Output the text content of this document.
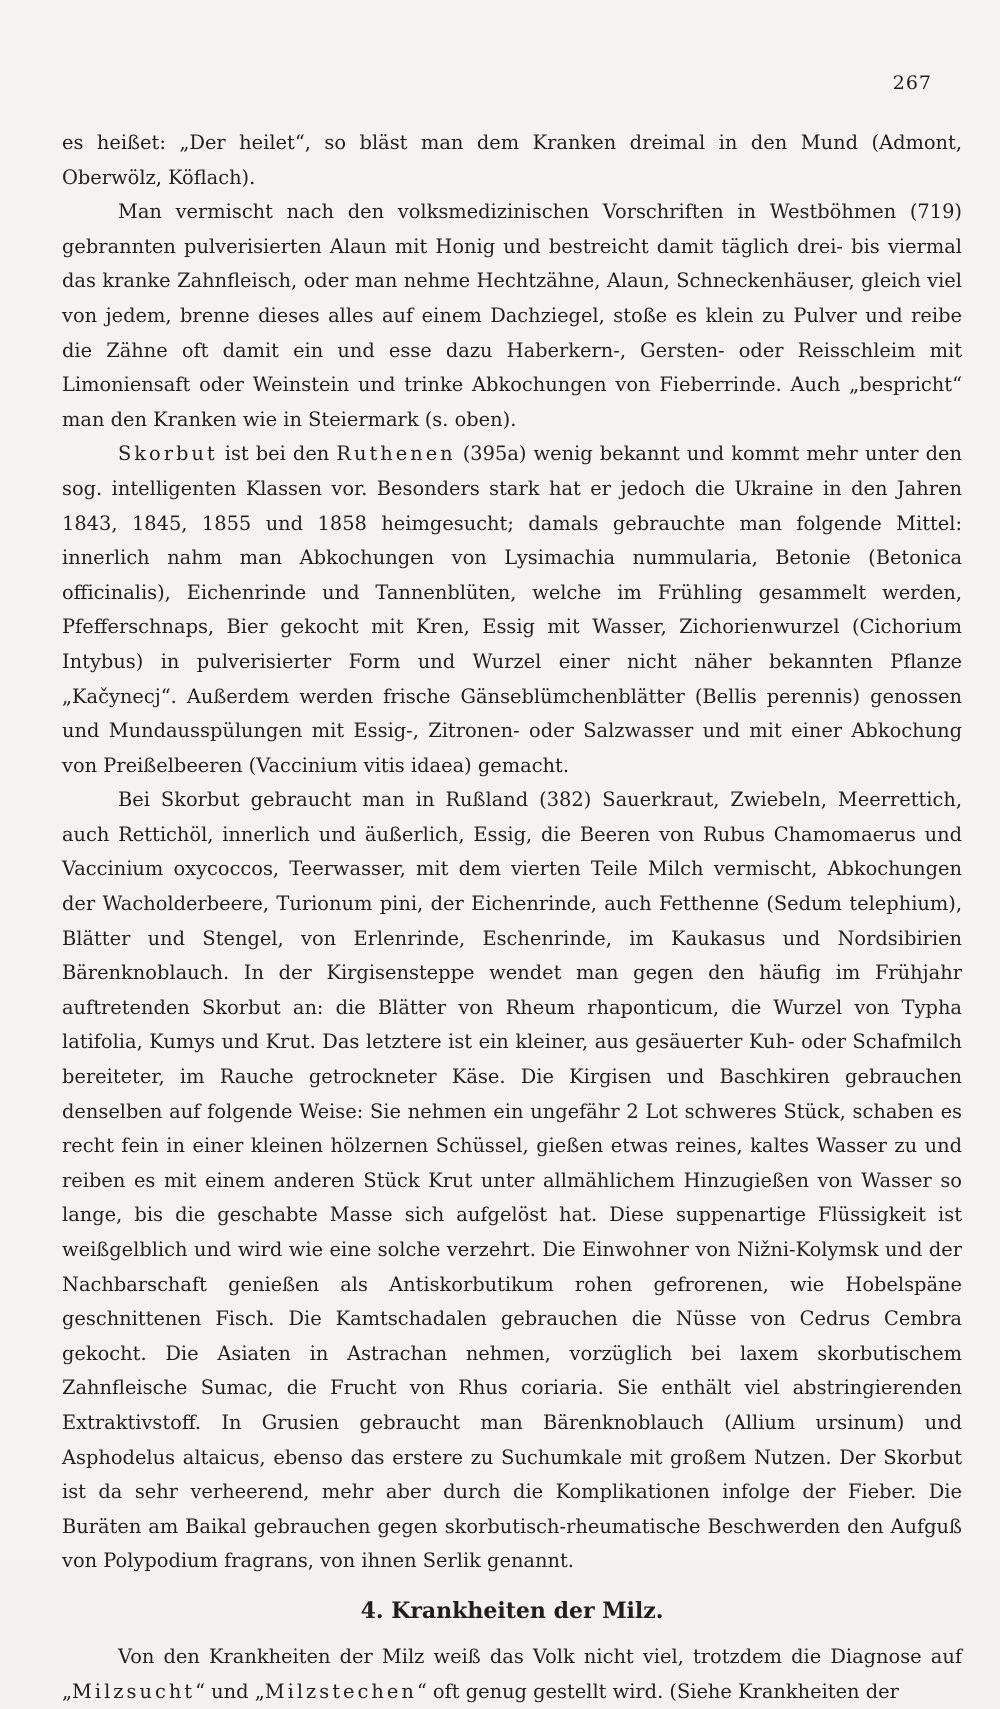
267

es heißet: „Der heilet“, so bläst man dem Kranken dreimal in den Mund (Admont, Oberwölz, Köflach).

Man vermischt nach den volksmedizinischen Vorschriften in Westböhmen (719) gebrannten pulverisierten Alaun mit Honig und bestreicht damit täglich drei- bis viermal das kranke Zahnfleisch, oder man nehme Hechtzähne, Alaun, Schneckenhäuser, gleich viel von jedem, brenne dieses alles auf einem Dachziegel, stoße es klein zu Pulver und reibe die Zähne oft damit ein und esse dazu Haberkern-, Gersten- oder Reisschleim mit Limoniensaft oder Weinstein und trinke Abkochungen von Fieberrinde. Auch „bespricht“ man den Kranken wie in Steiermark (s. oben).

Skorbut ist bei den Ruthenen (395a) wenig bekannt und kommt mehr unter den sog. intelligenten Klassen vor. Besonders stark hat er jedoch die Ukraine in den Jahren 1843, 1845, 1855 und 1858 heimgesucht; damals gebrauchte man folgende Mittel: innerlich nahm man Abkochungen von Lysimachia nummularia, Betonie (Betonica officinalis), Eichenrinde und Tannenblüten, welche im Frühling gesammelt werden, Pfefferschnaps, Bier gekocht mit Kren, Essig mit Wasser, Zichorienwurzel (Cichorium Intybus) in pulverisierter Form und Wurzel einer nicht näher bekannten Pflanze „Kačynecj“. Außerdem werden frische Gänseblümchenblätter (Bellis perennis) genossen und Mundausspülungen mit Essig-, Zitronen- oder Salzwasser und mit einer Abkochung von Preißelbeeren (Vaccinium vitis idaea) gemacht.

Bei Skorbut gebraucht man in Rußland (382) Sauerkraut, Zwiebeln, Meerrettich, auch Rettichöl, innerlich und äußerlich, Essig, die Beeren von Rubus Chamomaerus und Vaccinium oxycoccos, Teerwasser, mit dem vierten Teile Milch vermischt, Abkochungen der Wacholderbeere, Turionum pini, der Eichenrinde, auch Fetthenne (Sedum telephium), Blätter und Stengel, von Erlenrinde, Eschenrinde, im Kaukasus und Nordsibirien Bärenknoblauch. In der Kirgisensteppe wendet man gegen den häufig im Frühjahr auftretenden Skorbut an: die Blätter von Rheum rhaponticum, die Wurzel von Typha latifolia, Kumys und Krut. Das letztere ist ein kleiner, aus gesäuerter Kuh- oder Schafmilch bereiteter, im Rauche getrockneter Käse. Die Kirgisen und Baschkiren gebrauchen denselben auf folgende Weise: Sie nehmen ein ungefähr 2 Lot schweres Stück, schaben es recht fein in einer kleinen hölzernen Schüssel, gießen etwas reines, kaltes Wasser zu und reiben es mit einem anderen Stück Krut unter allmählichem Hinzugießen von Wasser so lange, bis die geschabte Masse sich aufgelöst hat. Diese suppenartige Flüssigkeit ist weißgelblich und wird wie eine solche verzehrt. Die Einwohner von Nižni-Kolymsk und der Nachbarschaft genießen als Antiskorbutikum rohen gefrorenen, wie Hobelspäne geschnittenen Fisch. Die Kamtschadalen gebrauchen die Nüsse von Cedrus Cembra gekocht. Die Asiaten in Astrachan nehmen, vorzüglich bei laxem skorbutischem Zahnfleische Sumac, die Frucht von Rhus coriaria. Sie enthält viel abstringierenden Extraktivstoff. In Grusien gebraucht man Bärenknoblauch (Allium ursinum) und Asphodelus altaicus, ebenso das erstere zu Suchumkale mit großem Nutzen. Der Skorbut ist da sehr verheerend, mehr aber durch die Komplikationen infolge der Fieber. Die Buräten am Baikal gebrauchen gegen skorbutisch-rheumatische Beschwerden den Aufguß von Polypodium fragrans, von ihnen Serlik genannt.

4. Krankheiten der Milz.

Von den Krankheiten der Milz weiß das Volk nicht viel, trotzdem die Diagnose auf „Milzsucht“ und „Milzstechen“ oft genug gestellt wird. (Siehe Krankheiten der
